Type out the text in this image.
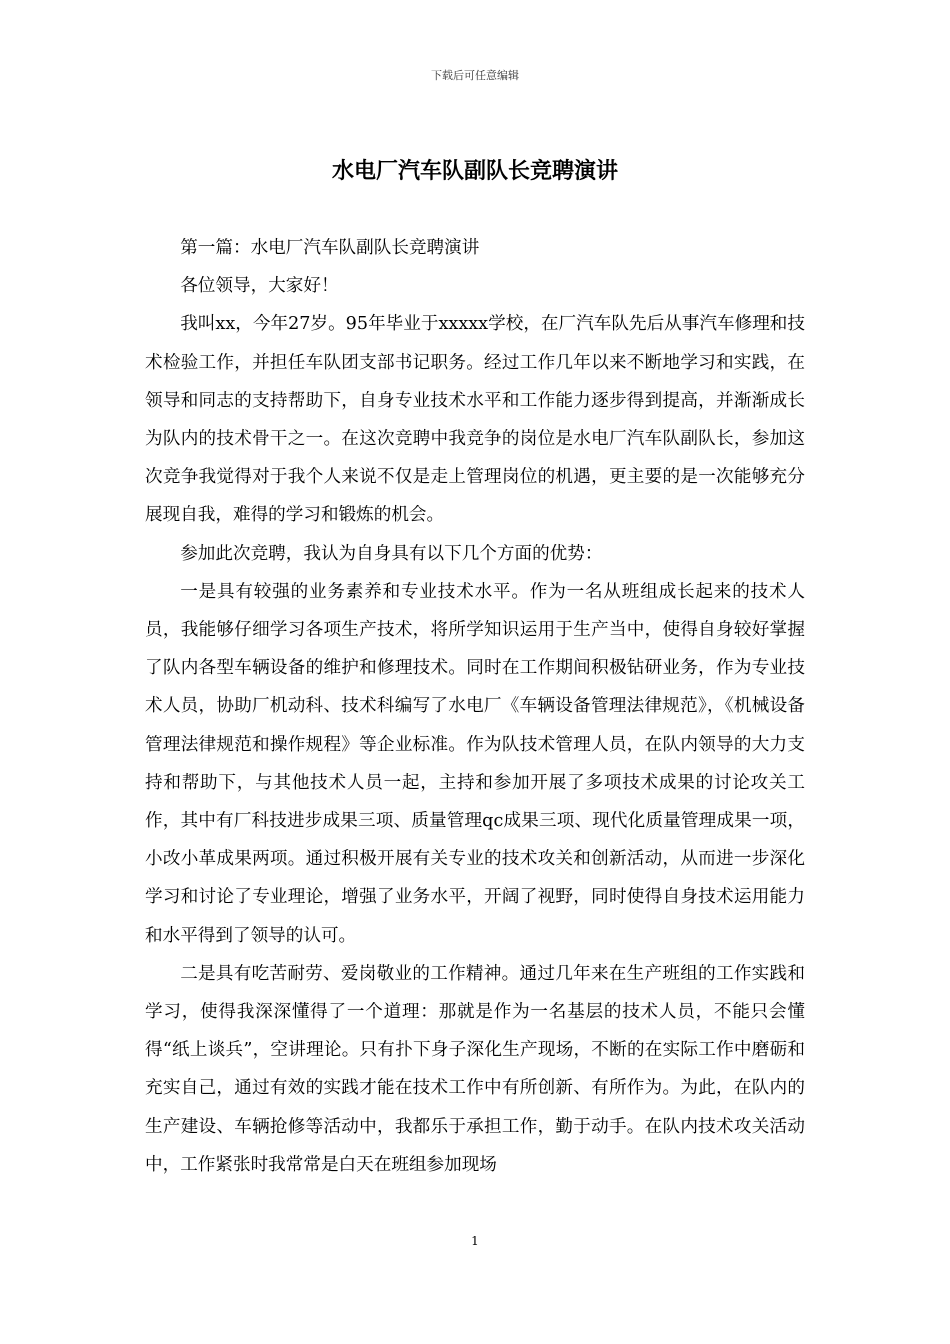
下载后可任意编辑
水电厂汽车队副队长竞聘演讲

第一篇：水电厂汽车队副队长竞聘演讲

各位领导，大家好！

我叫xx，今年27岁。95年毕业于xxxxx学校，在厂汽车队先后从事汽车修理和技术检验工作，并担任车队团支部书记职务。经过工作几年以来不断地学习和实践，在领导和同志的支持帮助下，自身专业技术水平和工作能力逐步得到提高，并渐渐成长为队内的技术骨干之一。在这次竞聘中我竞争的岗位是水电厂汽车队副队长，参加这次竞争我觉得对于我个人来说不仅是走上管理岗位的机遇，更主要的是一次能够充分展现自我，难得的学习和锻炼的机会。

参加此次竞聘，我认为自身具有以下几个方面的优势：

一是具有较强的业务素养和专业技术水平。作为一名从班组成长起来的技术人员，我能够仔细学习各项生产技术，将所学知识运用于生产当中，使得自身较好掌握了队内各型车辆设备的维护和修理技术。同时在工作期间积极钻研业务，作为专业技术人员，协助厂机动科、技术科编写了水电厂《车辆设备管理法律规范》，《机械设备管理法律规范和操作规程》等企业标准。作为队技术管理人员，在队内领导的大力支持和帮助下，与其他技术人员一起，主持和参加开展了多项技术成果的讨论攻关工作，其中有厂科技进步成果三项、质量管理qc成果三项、现代化质量管理成果一项，小改小革成果两项。通过积极开展有关专业的技术攻关和创新活动，从而进一步深化学习和讨论了专业理论，增强了业务水平，开阔了视野，同时使得自身技术运用能力和水平得到了领导的认可。

二是具有吃苦耐劳、爱岗敬业的工作精神。通过几年来在生产班组的工作实践和学习，使得我深深懂得了一个道理：那就是作为一名基层的技术人员，不能只会懂得“纸上谈兵”，空讲理论。只有扑下身子深化生产现场，不断的在实际工作中磨砺和充实自己，通过有效的实践才能在技术工作中有所创新、有所作为。为此，在队内的生产建设、车辆抢修等活动中，我都乐于承担工作，勤于动手。在队内技术攻关活动中，工作紧张时我常常是白天在班组参加现场

1
